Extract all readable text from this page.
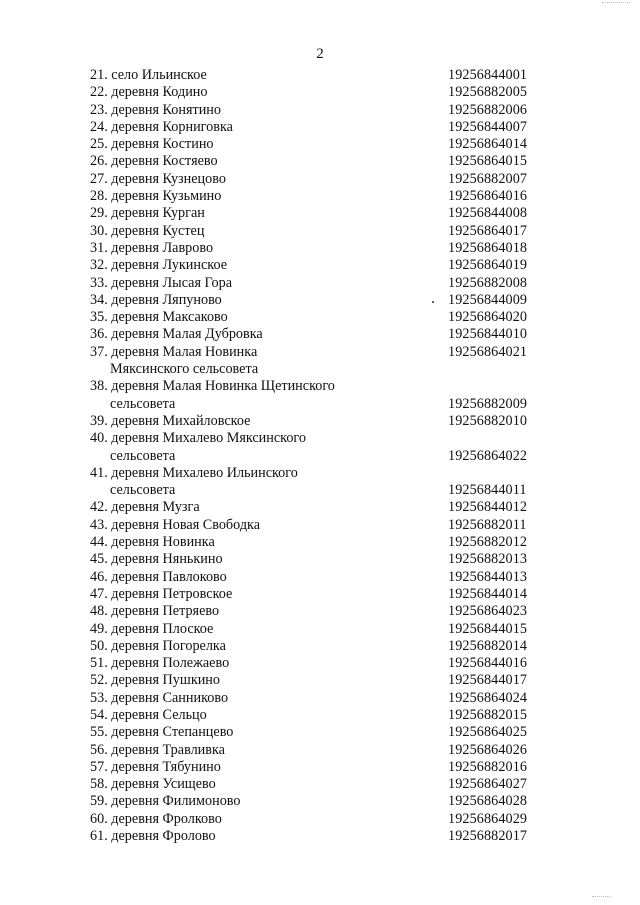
2
21. село Ильинское	19256844001
22. деревня Кодино	19256882005
23. деревня Конятино	19256882006
24. деревня Корниговка	19256844007
25. деревня Костино	19256864014
26. деревня Костяево	19256864015
27. деревня Кузнецово	19256882007
28. деревня Кузьмино	19256864016
29. деревня Курган	19256844008
30. деревня Кустец	19256864017
31. деревня Лаврово	19256864018
32. деревня Лукинское	19256864019
33. деревня Лысая Гора	19256882008
34. деревня Ляпуново	19256844009
35. деревня Максаково	19256864020
36. деревня Малая Дубровка	19256844010
37. деревня Малая Новинка	19256864021
Мяксинского сельсовета
38. деревня Малая Новинка Щетинского
сельсовета	19256882009
39. деревня Михайловское	19256882010
40. деревня Михалево Мяксинского
сельсовета	19256864022
41. деревня Михалево Ильинского
сельсовета	19256844011
42. деревня Музга	19256844012
43. деревня Новая Свободка	19256882011
44. деревня Новинка	19256882012
45. деревня Нянькино	19256882013
46. деревня Павлоково	19256844013
47. деревня Петровское	19256844014
48. деревня Петряево	19256864023
49. деревня Плоское	19256844015
50. деревня Погорелка	19256882014
51. деревня Полежаево	19256844016
52. деревня Пушкино	19256844017
53. деревня Санниково	19256864024
54. деревня Сельцо	19256882015
55. деревня Степанцево	19256864025
56. деревня Травливка	19256864026
57. деревня Тябунино	19256882016
58. деревня Усищево	19256864027
59. деревня Филимоново	19256864028
60. деревня Фролково	19256864029
61. деревня Фролово	19256882017
